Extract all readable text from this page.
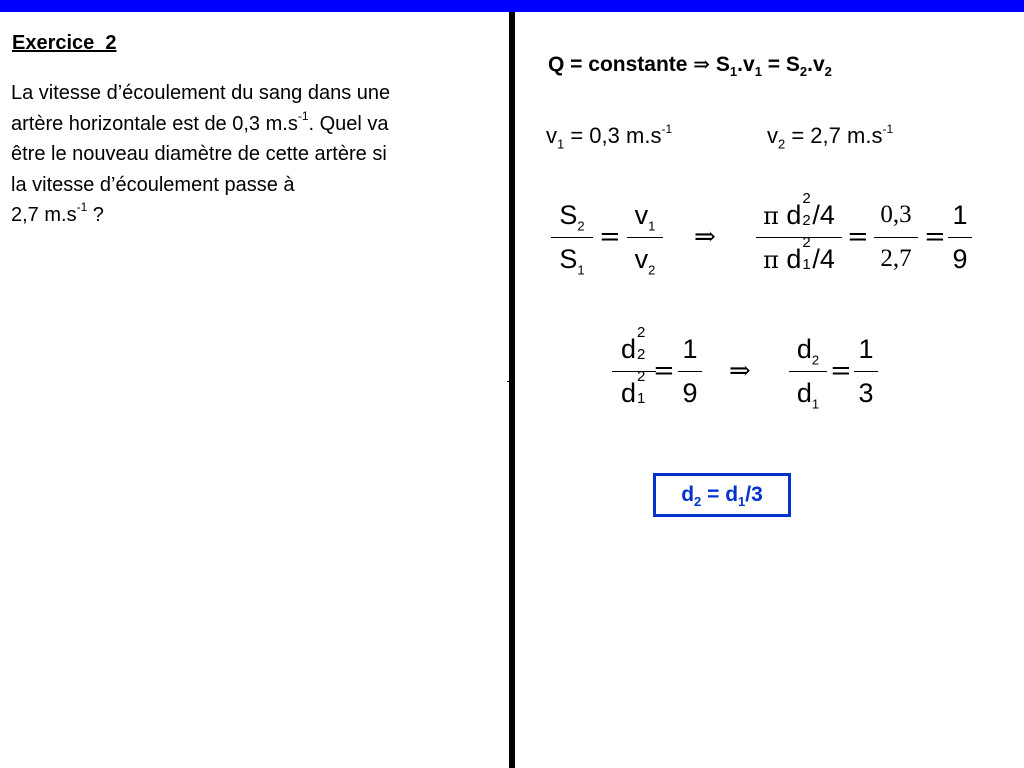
Exercice  2
La vitesse d’écoulement du sang dans une
artère horizontale est de 0,3 $m.s^{-1}$. Quel va
être le nouveau diamètre de cette artère si
la vitesse d’écoulement passe à
2,7 $m.s^{-1}$ ?
Q = constante ⇒ $S_1.v_1 = S_2.v_2$
$v_1 = 0,3$ $m.s^{-1}$	$v_2 = 2,7$ $m.s^{-1}$
$S_2$
$S_1$
=
$v_1$
$v_2$
⇒
π d
2
2 /4
π d
2
1 /4
=
0,3
2,7
=
1
9
d
2
2
d
2
1
=
1
9
⇒
$d_2$
$d_1$
=
1
3
$d_2 = d_1/3$
